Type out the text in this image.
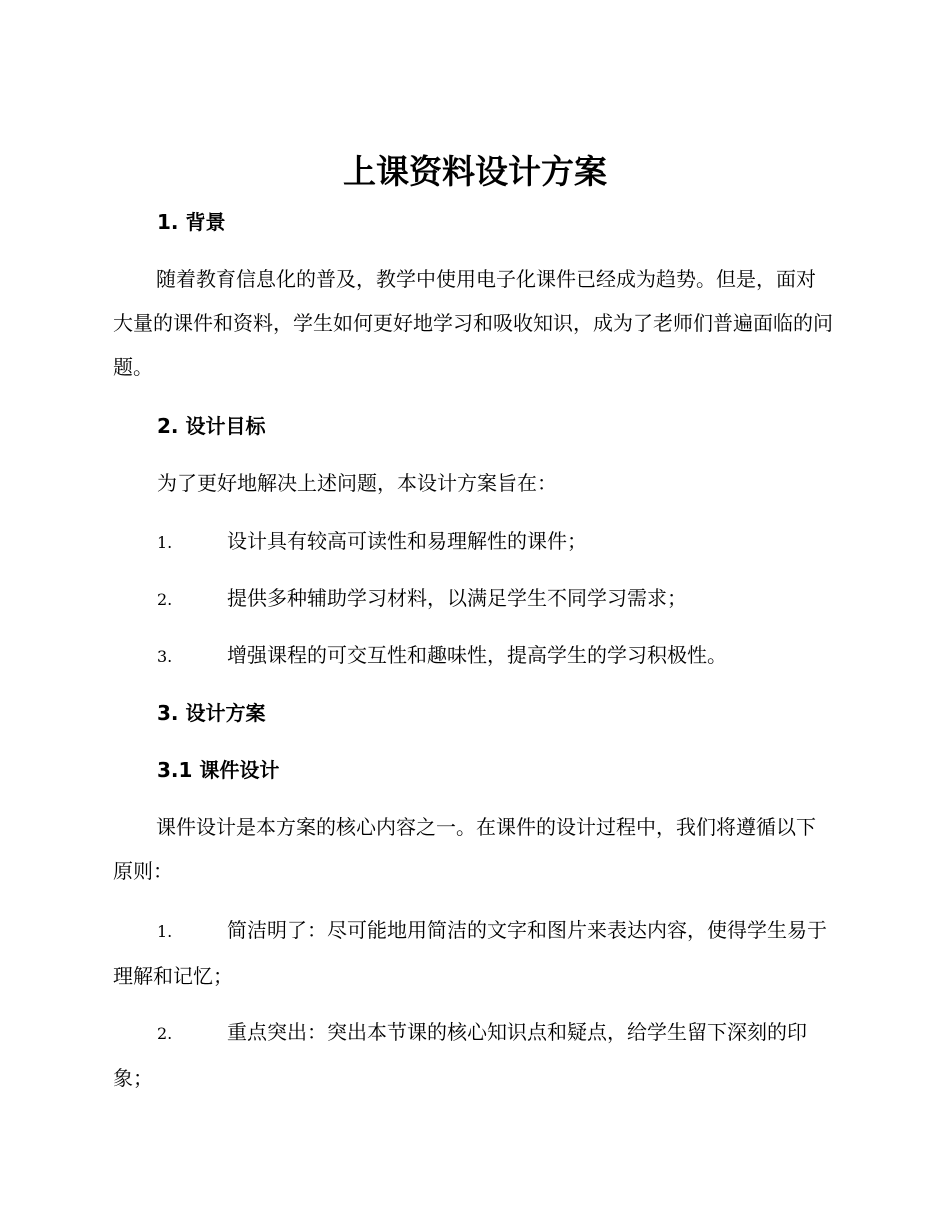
上课资料设计方案
1. 背景

随着教育信息化的普及，教学中使用电子化课件已经成为趋势。但是，面对大量的课件和资料，学生如何更好地学习和吸收知识，成为了老师们普遍面临的问题。

2. 设计目标

为了更好地解决上述问题，本设计方案旨在：

1.	设计具有较高可读性和易理解性的课件；

2.	提供多种辅助学习材料，以满足学生不同学习需求；

3.	增强课程的可交互性和趣味性，提高学生的学习积极性。

3. 设计方案
3.1 课件设计

课件设计是本方案的核心内容之一。在课件的设计过程中，我们将遵循以下原则：

1.	简洁明了：尽可能地用简洁的文字和图片来表达内容，使得学生易于理解和记忆；

2.	重点突出：突出本节课的核心知识点和疑点，给学生留下深刻的印象；
